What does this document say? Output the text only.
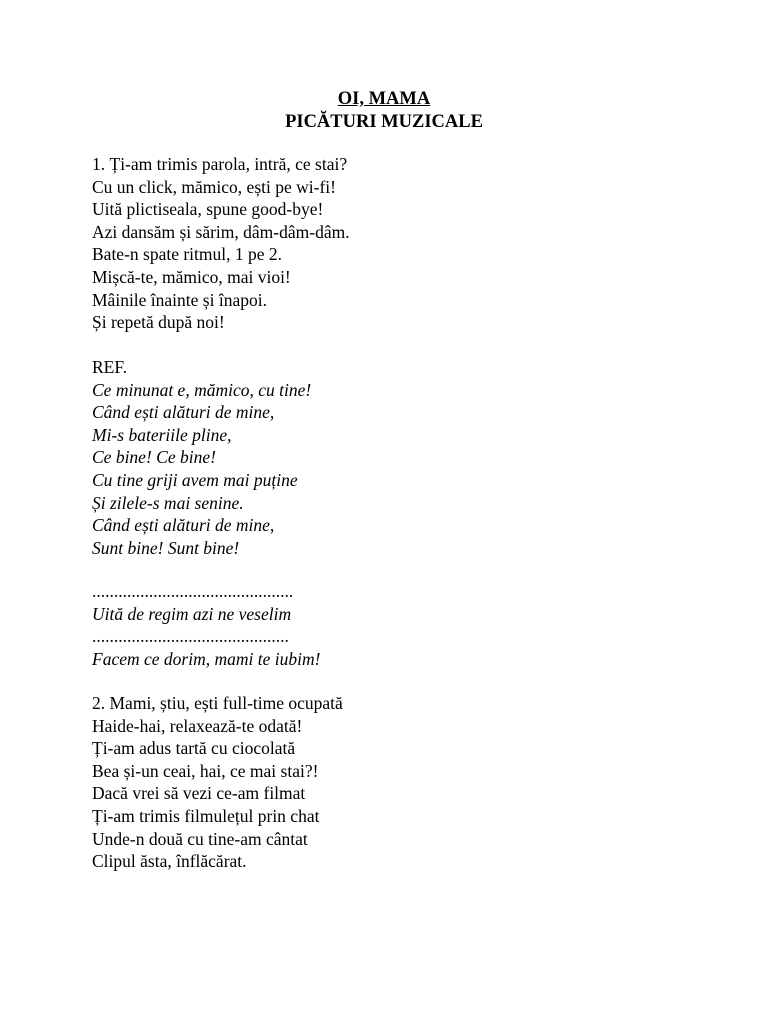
OI, MAMA
PICĂTURI MUZICALE
1. Ți-am trimis parola, intră, ce stai?
Cu un click, mămico, ești pe wi-fi!
Uită plictiseala, spune good-bye!
Azi dansăm și sărim, dâm-dâm-dâm.
Bate-n spate ritmul, 1 pe 2.
Mișcă-te, mămico, mai vioi!
Mâinile înainte și înapoi.
Și repetă după noi!
REF.
Ce minunat e, mămico, cu tine!
Când ești alături de mine,
Mi-s bateriile pline,
Ce bine! Ce bine!
Cu tine griji avem mai puține
Și zilele-s mai senine.
Când ești alături de mine,
Sunt bine! Sunt bine!
..............................................
Uită de regim azi ne veselim
.............................................
Facem ce dorim, mami te iubim!
2. Mami, știu, ești full-time ocupată
Haide-hai, relaxează-te odată!
Ți-am adus tartă cu ciocolată
Bea și-un ceai, hai, ce mai stai?!
Dacă vrei să vezi ce-am filmat
Ți-am trimis filmulețul prin chat
Unde-n două cu tine-am cântat
Clipul ăsta, înflăcărat.
